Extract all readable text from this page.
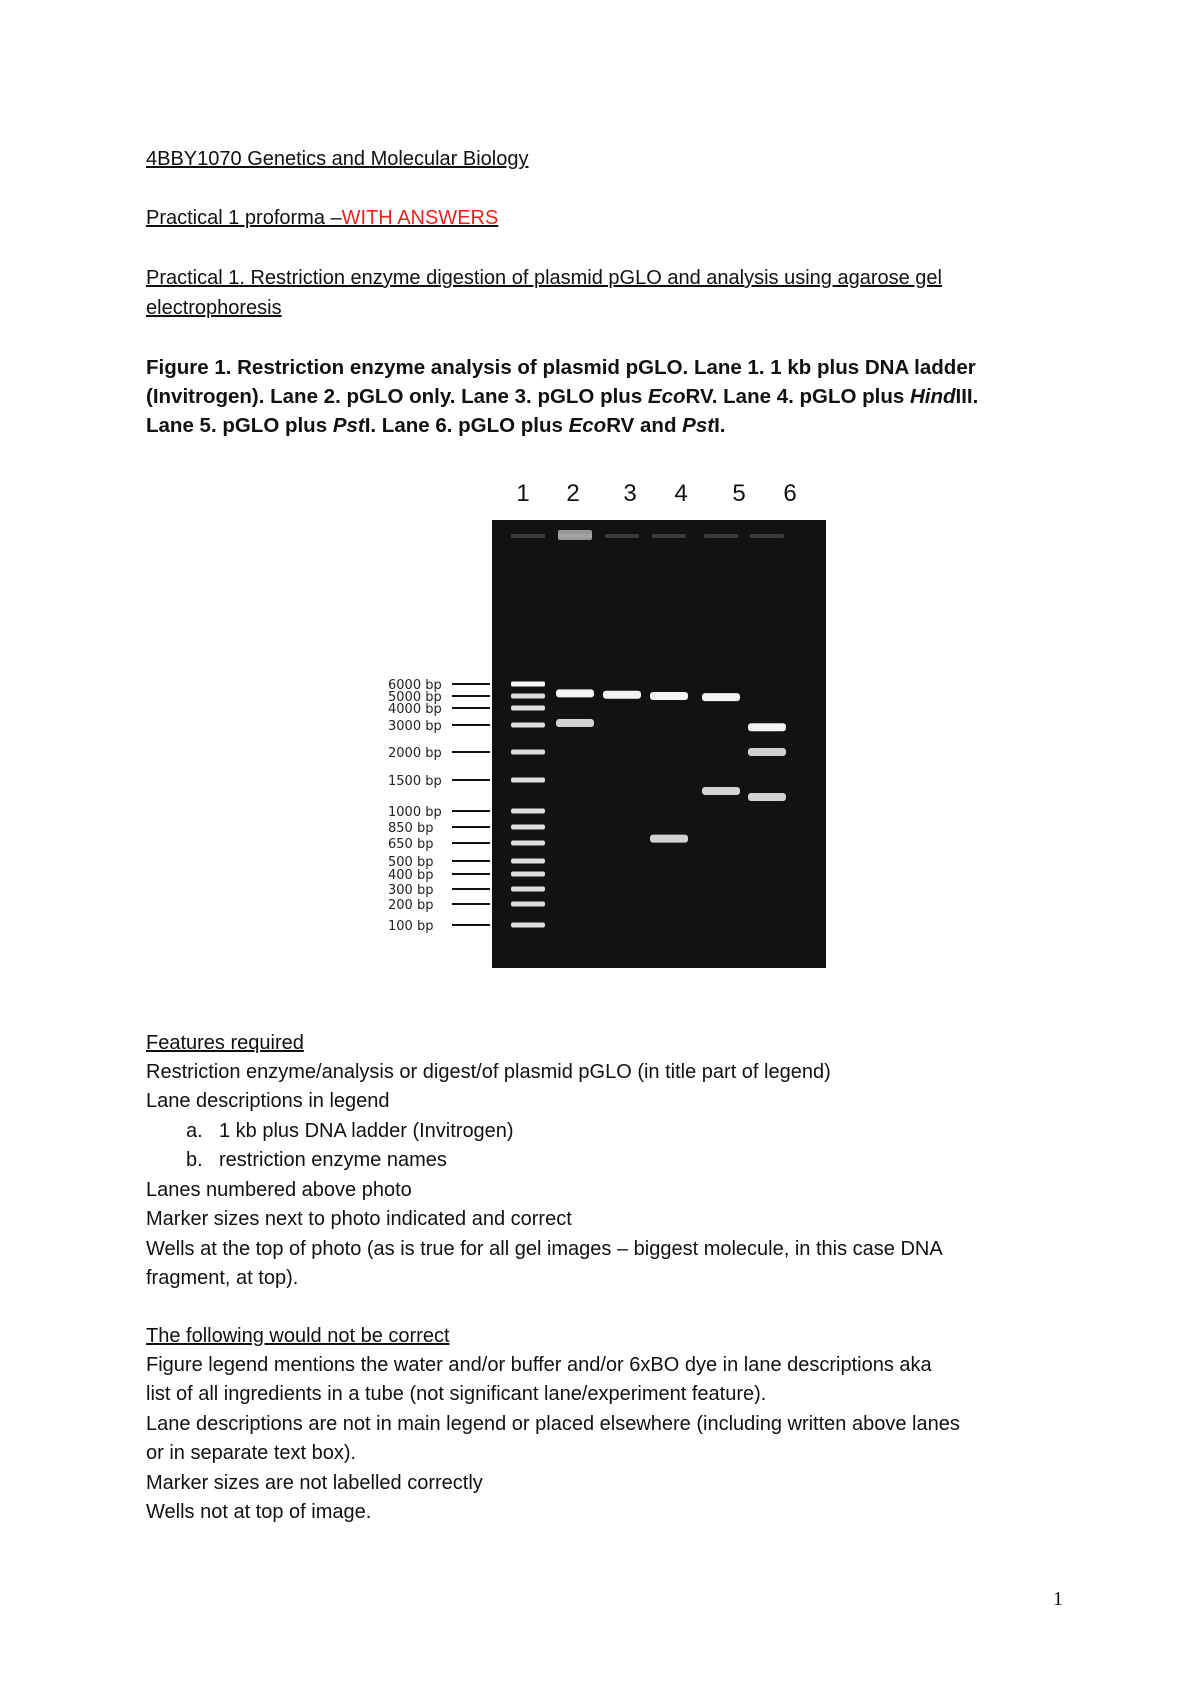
4BBY1070 Genetics and Molecular Biology
Practical 1 proforma –WITH ANSWERS
Practical 1. Restriction enzyme digestion of plasmid pGLO and analysis using agarose gel
electrophoresis
Figure 1. Restriction enzyme analysis of plasmid pGLO. Lane 1. 1 kb plus DNA ladder
(Invitrogen). Lane 2. pGLO only. Lane 3. pGLO plus EcoRV. Lane 4. pGLO plus HindIII.
Lane 5. pGLO plus PstI. Lane 6. pGLO plus EcoRV and PstI.
1	2	3	4	5	6
6000 bp
5000 bp
4000 bp
3000 bp
2000 bp
1500 bp
1000 bp
850 bp
650 bp
500 bp
400 bp
300 bp
200 bp
100 bp
Features required
Restriction enzyme/analysis or digest/of plasmid pGLO (in title part of legend)
Lane descriptions in legend
a. 1 kb plus DNA ladder (Invitrogen)
b. restriction enzyme names
Lanes numbered above photo
Marker sizes next to photo indicated and correct
Wells at the top of photo (as is true for all gel images – biggest molecule, in this case DNA
fragment, at top).
The following would not be correct
Figure legend mentions the water and/or buffer and/or 6xBO dye in lane descriptions aka
list of all ingredients in a tube (not significant lane/experiment feature).
Lane descriptions are not in main legend or placed elsewhere (including written above lanes
or in separate text box).
Marker sizes are not labelled correctly
Wells not at top of image.
1
